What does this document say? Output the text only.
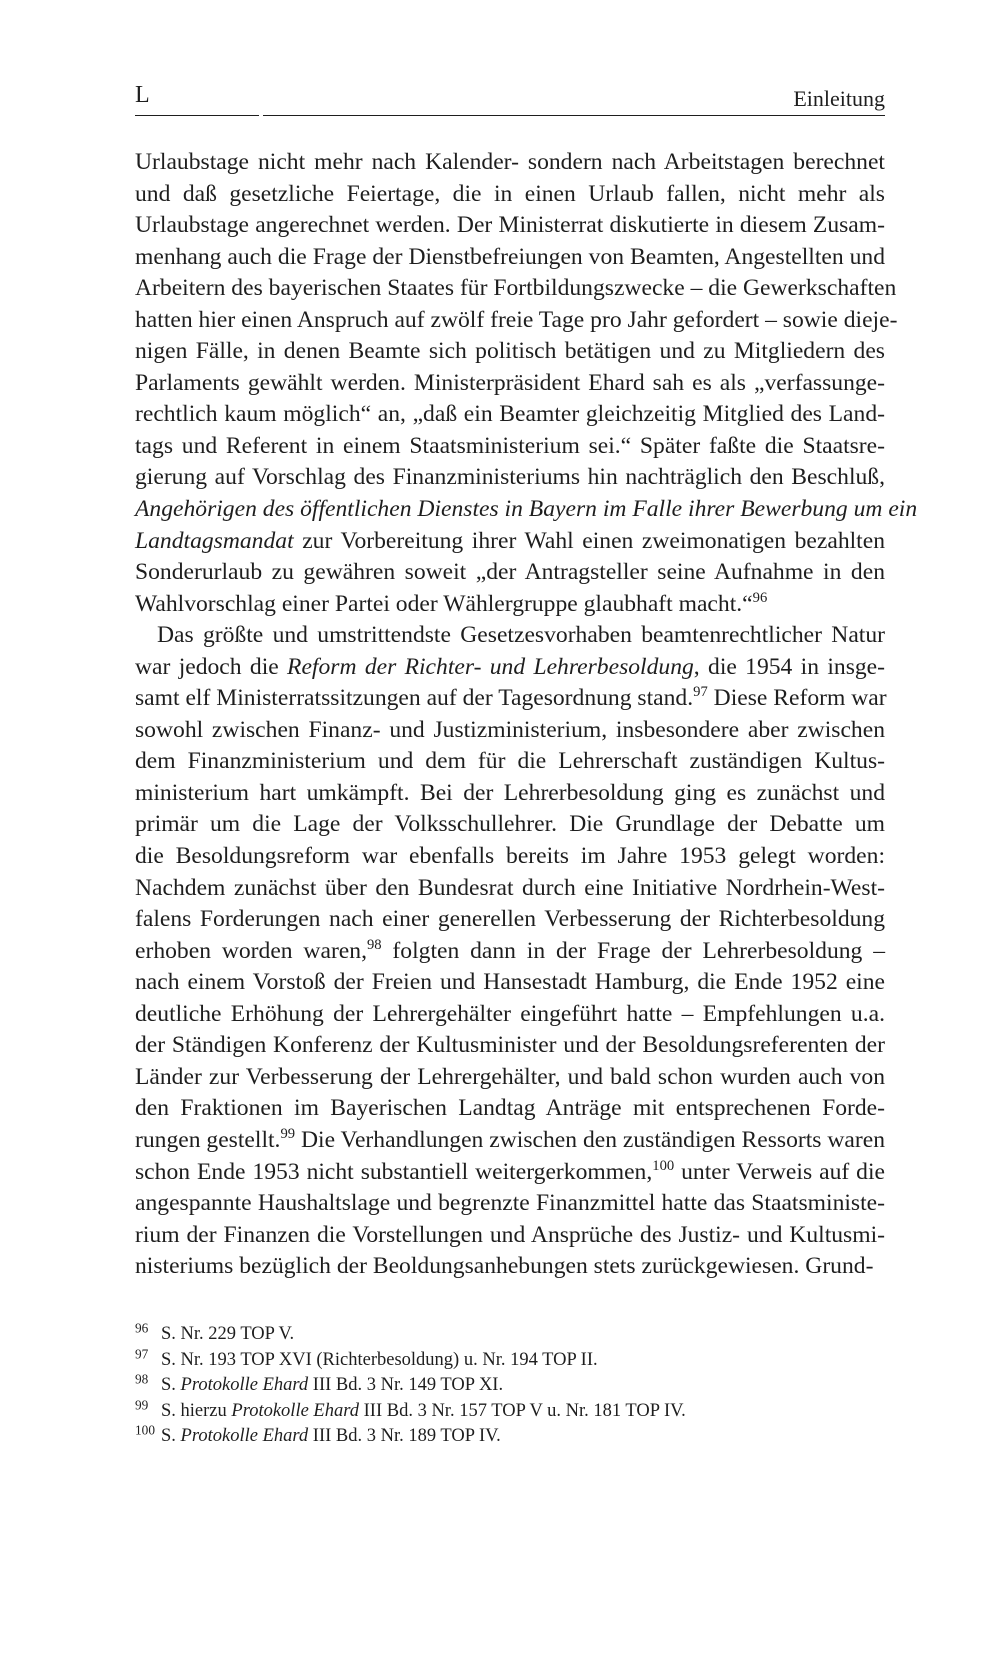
L	Einleitung
Urlaubstage nicht mehr nach Kalender- sondern nach Arbeitstagen berechnet
und daß gesetzliche Feiertage, die in einen Urlaub fallen, nicht mehr als
Urlaubstage angerechnet werden. Der Ministerrat diskutierte in diesem Zusam-
menhang auch die Frage der Dienstbefreiungen von Beamten, Angestellten und
Arbeitern des bayerischen Staates für Fortbildungszwecke – die Gewerkschaften
hatten hier einen Anspruch auf zwölf freie Tage pro Jahr gefordert – sowie dieje-
nigen Fälle, in denen Beamte sich politisch betätigen und zu Mitgliedern des
Parlaments gewählt werden. Ministerpräsident Ehard sah es als „verfassunge-
rechtlich kaum möglich“ an, „daß ein Beamter gleichzeitig Mitglied des Land-
tags und Referent in einem Staatsministerium sei.“ Später faßte die Staatsre-
gierung auf Vorschlag des Finanzministeriums hin nachträglich den Beschluß,
Angehörigen des öffentlichen Dienstes in Bayern im Falle ihrer Bewerbung um ein
Landtagsmandat zur Vorbereitung ihrer Wahl einen zweimonatigen bezahlten
Sonderurlaub zu gewähren soweit „der Antragsteller seine Aufnahme in den
Wahlvorschlag einer Partei oder Wählergruppe glaubhaft macht.“$^{96}$
Das größte und umstrittendste Gesetzesvorhaben beamtenrechtlicher Natur
war jedoch die Reform der Richter- und Lehrerbesoldung, die 1954 in insge-
samt elf Ministerratssitzungen auf der Tagesordnung stand.$^{97}$ Diese Reform war
sowohl zwischen Finanz- und Justizministerium, insbesondere aber zwischen
dem Finanzministerium und dem für die Lehrerschaft zuständigen Kultus-
ministerium hart umkämpft. Bei der Lehrerbesoldung ging es zunächst und
primär um die Lage der Volksschullehrer. Die Grundlage der Debatte um
die Besoldungsreform war ebenfalls bereits im Jahre 1953 gelegt worden:
Nachdem zunächst über den Bundesrat durch eine Initiative Nordrhein-West-
falens Forderungen nach einer generellen Verbesserung der Richterbesoldung
erhoben worden waren,$^{98}$ folgten dann in der Frage der Lehrerbesoldung –
nach einem Vorstoß der Freien und Hansestadt Hamburg, die Ende 1952 eine
deutliche Erhöhung der Lehrergehälter eingeführt hatte – Empfehlungen u.a.
der Ständigen Konferenz der Kultusminister und der Besoldungsreferenten der
Länder zur Verbesserung der Lehrergehälter, und bald schon wurden auch von
den Fraktionen im Bayerischen Landtag Anträge mit entsprechenen Forde-
rungen gestellt.$^{99}$ Die Verhandlungen zwischen den zuständigen Ressorts waren
schon Ende 1953 nicht substantiell weitergerkommen,$^{100}$ unter Verweis auf die
angespannte Haushaltslage und begrenzte Finanzmittel hatte das Staatsministe-
rium der Finanzen die Vorstellungen und Ansprüche des Justiz- und Kultusmi-
nisteriums bezüglich der Beoldungsanhebungen stets zurückgewiesen. Grund-
$^{96}$ S. Nr. 229 TOP V.
$^{97}$ S. Nr. 193 TOP XVI (Richterbesoldung) u. Nr. 194 TOP II.
$^{98}$ S. Protokolle Ehard III Bd. 3 Nr. 149 TOP XI.
$^{99}$ S. hierzu Protokolle Ehard III Bd. 3 Nr. 157 TOP V u. Nr. 181 TOP IV.
$^{100}$ S. Protokolle Ehard III Bd. 3 Nr. 189 TOP IV.
